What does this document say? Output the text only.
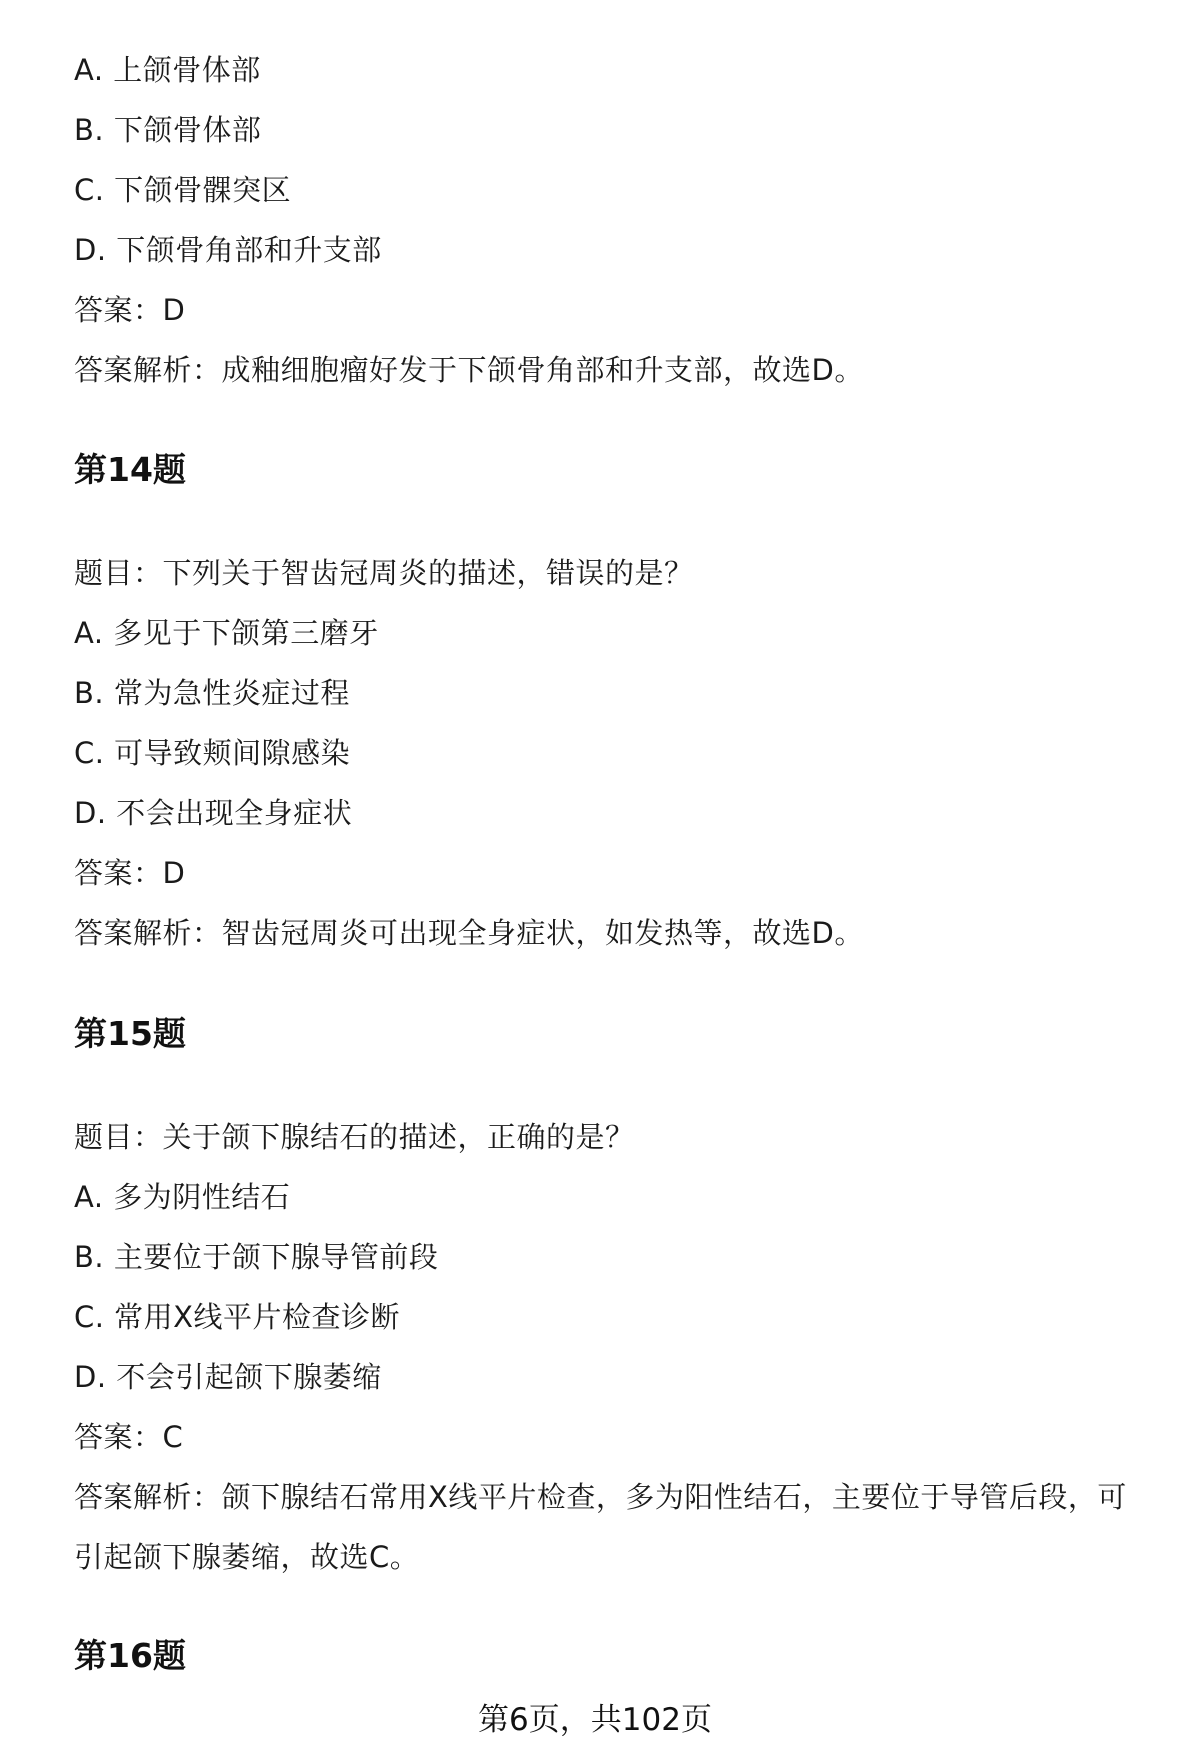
A. 上颌骨体部
B. 下颌骨体部
C. 下颌骨髁突区
D. 下颌骨角部和升支部
答案：D
答案解析：成釉细胞瘤好发于下颌骨角部和升支部，故选D。
第14题
题目：下列关于智齿冠周炎的描述，错误的是？
A. 多见于下颌第三磨牙
B. 常为急性炎症过程
C. 可导致颊间隙感染
D. 不会出现全身症状
答案：D
答案解析：智齿冠周炎可出现全身症状，如发热等，故选D。
第15题
题目：关于颌下腺结石的描述，正确的是？
A. 多为阴性结石
B. 主要位于颌下腺导管前段
C. 常用X线平片检查诊断
D. 不会引起颌下腺萎缩
答案：C
答案解析：颌下腺结石常用X线平片检查，多为阳性结石，主要位于导管后段，可
引起颌下腺萎缩，故选C。
第16题
第6页，共102页
